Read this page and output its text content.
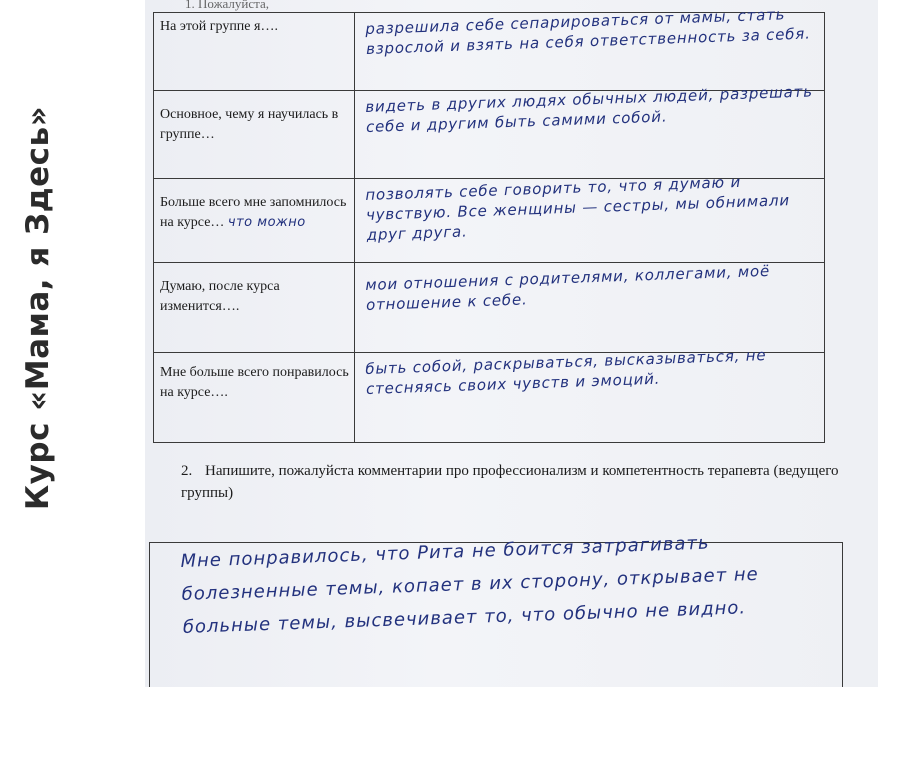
Курс «Мама, я Здесь»
1. Пожалуйста,
На этой группе я….	разрешила себе сепарироваться от мамы, стать взрослой и взять на себя ответственность за себя.

Основное, чему я научилась в группе…	видеть в других людях обычных людей, разрешать себе и другим быть самими собой.

Больше всего мне запомнилось на курсе… что можно	позволять себе говорить то, что я думаю и чувствую. Все женщины — сестры, мы обнимали друг друга.

Думаю, после курса изменится….	мои отношения с родителями, коллегами, моё отношение к себе.

Мне больше всего понравилось на курсе….	быть собой, раскрываться, высказываться, не стесняясь своих чувств и эмоций.
2. Напишите, пожалуйста комментарии про профессионализм и компетентность терапевта (ведущего группы)
Мне понравилось, что Рита не боится затрагивать болезненные темы, копает в их сторону, открывает не больные темы, высвечивает то, что обычно не видно.
